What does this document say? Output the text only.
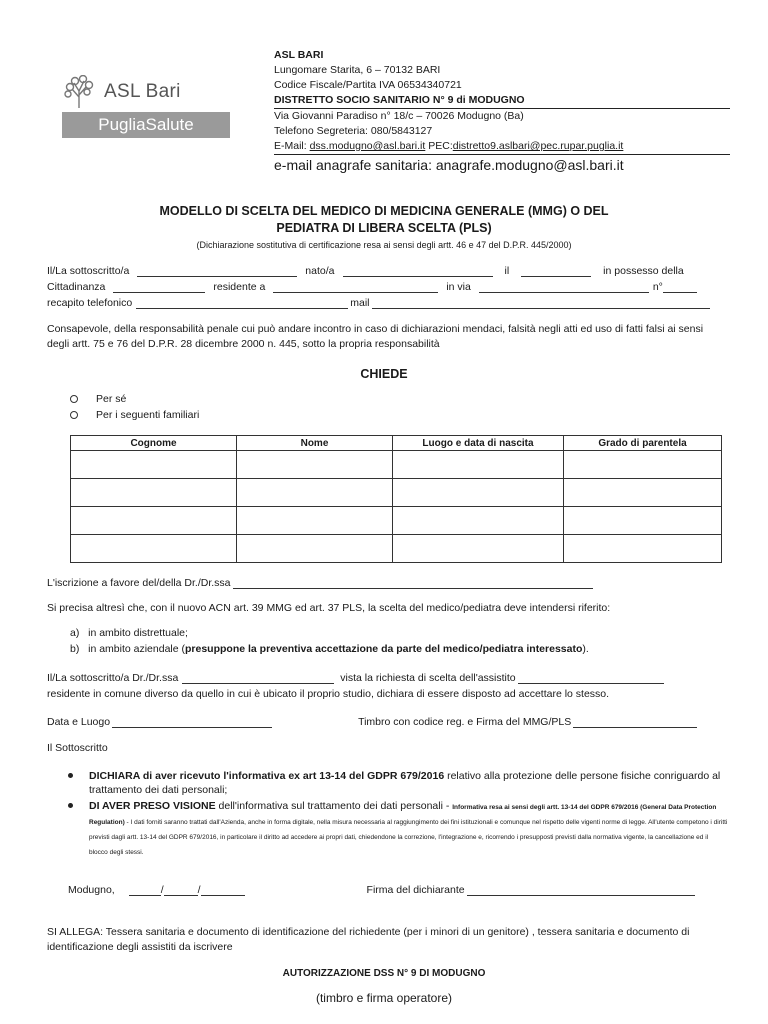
ASL Bari
PugliaSalute
ASL BARI
Lungomare Starita, 6 – 70132 BARI
Codice Fiscale/Partita IVA 06534340721
DISTRETTO SOCIO SANITARIO N° 9 di MODUGNO
Via Giovanni Paradiso n° 18/c – 70026 Modugno (Ba)
Telefono Segreteria: 080/5843127
E-Mail: dss.modugno@asl.bari.it PEC:distretto9.aslbari@pec.rupar.puglia.it
e-mail anagrafe sanitaria: anagrafe.modugno@asl.bari.it
MODELLO DI SCELTA DEL MEDICO DI MEDICINA GENERALE (MMG) O DEL
PEDIATRA DI LIBERA SCELTA (PLS)
(Dichiarazione sostitutiva di certificazione resa ai sensi degli artt. 46 e 47 del D.P.R. 445/2000)
Il/La sottoscritto/a	nato/a	il	in possesso della
Cittadinanza	residente a	in via	n°
recapito telefonico	mail
Consapevole, della responsabilità penale cui può andare incontro in caso di dichiarazioni mendaci, falsità negli atti ed uso di fatti falsi ai sensi degli artt. 75 e 76 del D.P.R. 28 dicembre 2000 n. 445, sotto la propria responsabilità
CHIEDE
Per sé
Per i seguenti familiari
Cognome	Nome	Luogo e data di nascita	Grado di parentela

L'iscrizione a favore del/della Dr./Dr.ssa
Si precisa altresì che, con il nuovo ACN art. 39 MMG ed art. 37 PLS, la scelta del medico/pediatra deve intendersi riferito:
a) in ambito distrettuale;
b) in ambito aziendale (presuppone la preventiva accettazione da parte del medico/pediatra interessato).
Il/La sottoscritto/a Dr./Dr.ssa	vista la richiesta di scelta dell'assistito
residente in comune diverso da quello in cui è ubicato il proprio studio, dichiara di essere disposto ad accettare lo stesso.
Data e Luogo	Timbro con codice reg. e Firma del MMG/PLS
Il Sottoscritto
DICHIARA di aver ricevuto l'informativa ex art 13-14 del GDPR 679/2016 relativo alla protezione delle persone fisiche conriguardo al trattamento dei dati personali;
DI AVER PRESO VISIONE dell'informativa sul trattamento dei dati personali - Informativa resa ai sensi degli artt. 13-14 del GDPR 679/2016 (General Data Protection Regulation) - I dati forniti saranno trattati dall'Azienda, anche in forma digitale, nella misura necessaria al raggiungimento dei fini istituzionali e comunque nel rispetto delle vigenti norme di legge. All'utente competono i diritti previsti dagli artt. 13-14 del GDPR 679/2016, in particolare il diritto ad accedere ai propri dati, chiedendone la correzione, l'integrazione e, ricorrendo i presupposti previsti dalla normativa vigente, la cancellazione ed il blocco degli stessi.
Modugno,	/	/	Firma del dichiarante
SI ALLEGA: Tessera sanitaria e documento di identificazione del richiedente (per i minori di un genitore) , tessera sanitaria e documento di identificazione degli assistiti da iscrivere
AUTORIZZAZIONE DSS N° 9 DI MODUGNO
(timbro e firma operatore)
